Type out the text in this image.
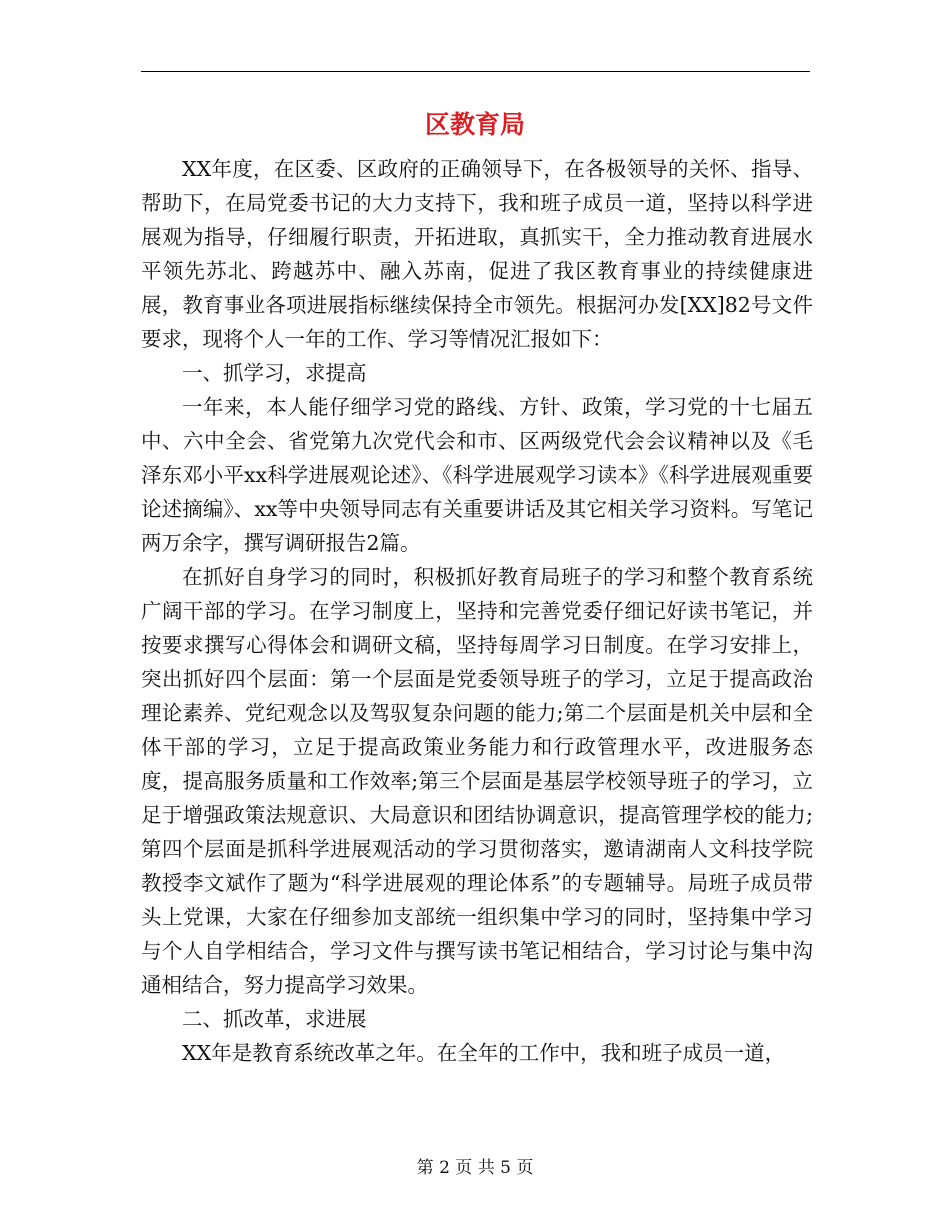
区教育局

XX年度，在区委、区政府的正确领导下，在各极领导的关怀、指导、帮助下，在局党委书记的大力支持下，我和班子成员一道，坚持以科学进展观为指导，仔细履行职责，开拓进取，真抓实干，全力推动教育进展水平领先苏北、跨越苏中、融入苏南，促进了我区教育事业的持续健康进展，教育事业各项进展指标继续保持全市领先。根据河办发[XX]82号文件要求，现将个人一年的工作、学习等情况汇报如下：

一、抓学习，求提高

一年来，本人能仔细学习党的路线、方针、政策，学习党的十七届五中、六中全会、省党第九次党代会和市、区两级党代会会议精神以及《毛泽东邓小平xx科学进展观论述》、《科学进展观学习读本》《科学进展观重要论述摘编》、xx等中央领导同志有关重要讲话及其它相关学习资料。写笔记两万余字，撰写调研报告2篇。

在抓好自身学习的同时，积极抓好教育局班子的学习和整个教育系统广阔干部的学习。在学习制度上，坚持和完善党委仔细记好读书笔记，并按要求撰写心得体会和调研文稿，坚持每周学习日制度。在学习安排上，突出抓好四个层面：第一个层面是党委领导班子的学习，立足于提高政治理论素养、党纪观念以及驾驭复杂问题的能力;第二个层面是机关中层和全体干部的学习，立足于提高政策业务能力和行政管理水平，改进服务态度，提高服务质量和工作效率;第三个层面是基层学校领导班子的学习，立足于增强政策法规意识、大局意识和团结协调意识，提高管理学校的能力;第四个层面是抓科学进展观活动的学习贯彻落实，邀请湖南人文科技学院教授李文斌作了题为“科学进展观的理论体系”的专题辅导。局班子成员带头上党课，大家在仔细参加支部统一组织集中学习的同时，坚持集中学习与个人自学相结合，学习文件与撰写读书笔记相结合，学习讨论与集中沟通相结合，努力提高学习效果。

二、抓改革，求进展

XX年是教育系统改革之年。在全年的工作中，我和班子成员一道，

第 2 页 共 5 页
